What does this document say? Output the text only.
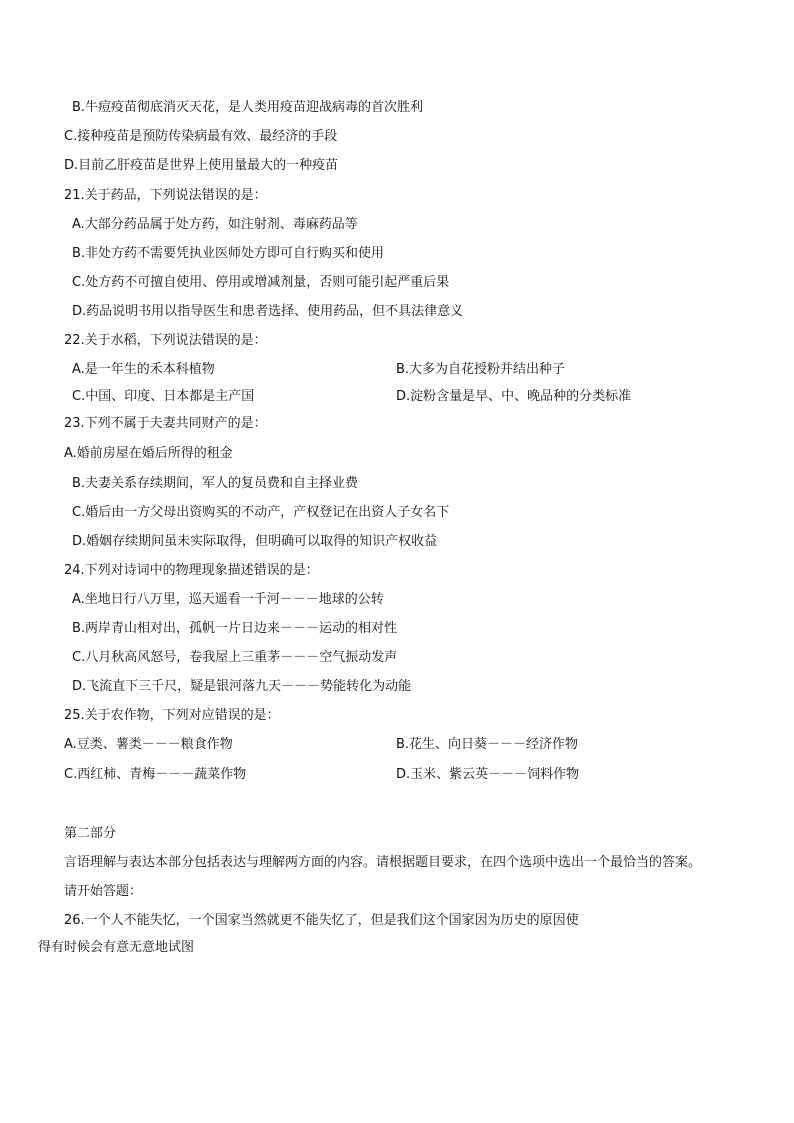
B.牛痘疫苗彻底消灭天花，是人类用疫苗迎战病毒的首次胜利
C.接种疫苗是预防传染病最有效、最经济的手段
D.目前乙肝疫苗是世界上使用量最大的一种疫苗
21.关于药品，下列说法错误的是：
A.大部分药品属于处方药，如注射剂、毒麻药品等
B.非处方药不需要凭执业医师处方即可自行购买和使用
C.处方药不可擅自使用、停用或增减剂量，否则可能引起严重后果
D.药品说明书用以指导医生和患者选择、使用药品，但不具法律意义
22.关于水稻，下列说法错误的是：
A.是一年生的禾本科植物	B.大多为自花授粉并结出种子
C.中国、印度、日本都是主产国	D.淀粉含量是早、中、晚品种的分类标准
23.下列不属于夫妻共同财产的是：
A.婚前房屋在婚后所得的租金
B.夫妻关系存续期间，军人的复员费和自主择业费
C.婚后由一方父母出资购买的不动产，产权登记在出资人子女名下
D.婚姻存续期间虽未实际取得，但明确可以取得的知识产权收益
24.下列对诗词中的物理现象描述错误的是：
A.坐地日行八万里，巡天遥看一千河－－－地球的公转
B.两岸青山相对出，孤帆一片日边来－－－运动的相对性
C.八月秋高风怒号，卷我屋上三重茅－－－空气振动发声
D.飞流直下三千尺，疑是银河落九天－－－势能转化为动能
25.关于农作物，下列对应错误的是：
A.豆类、薯类－－－粮食作物	B.花生、向日葵－－－经济作物
C.西红柿、青梅－－－蔬菜作物	D.玉米、紫云英－－－饲料作物
第二部分
言语理解与表达本部分包括表达与理解两方面的内容。请根据题目要求，在四个选项中选出一个最恰当的答案。
请开始答题：
26.一个人不能失忆，一个国家当然就更不能失忆了，但是我们这个国家因为历史的原因使
得有时候会有意无意地试图
